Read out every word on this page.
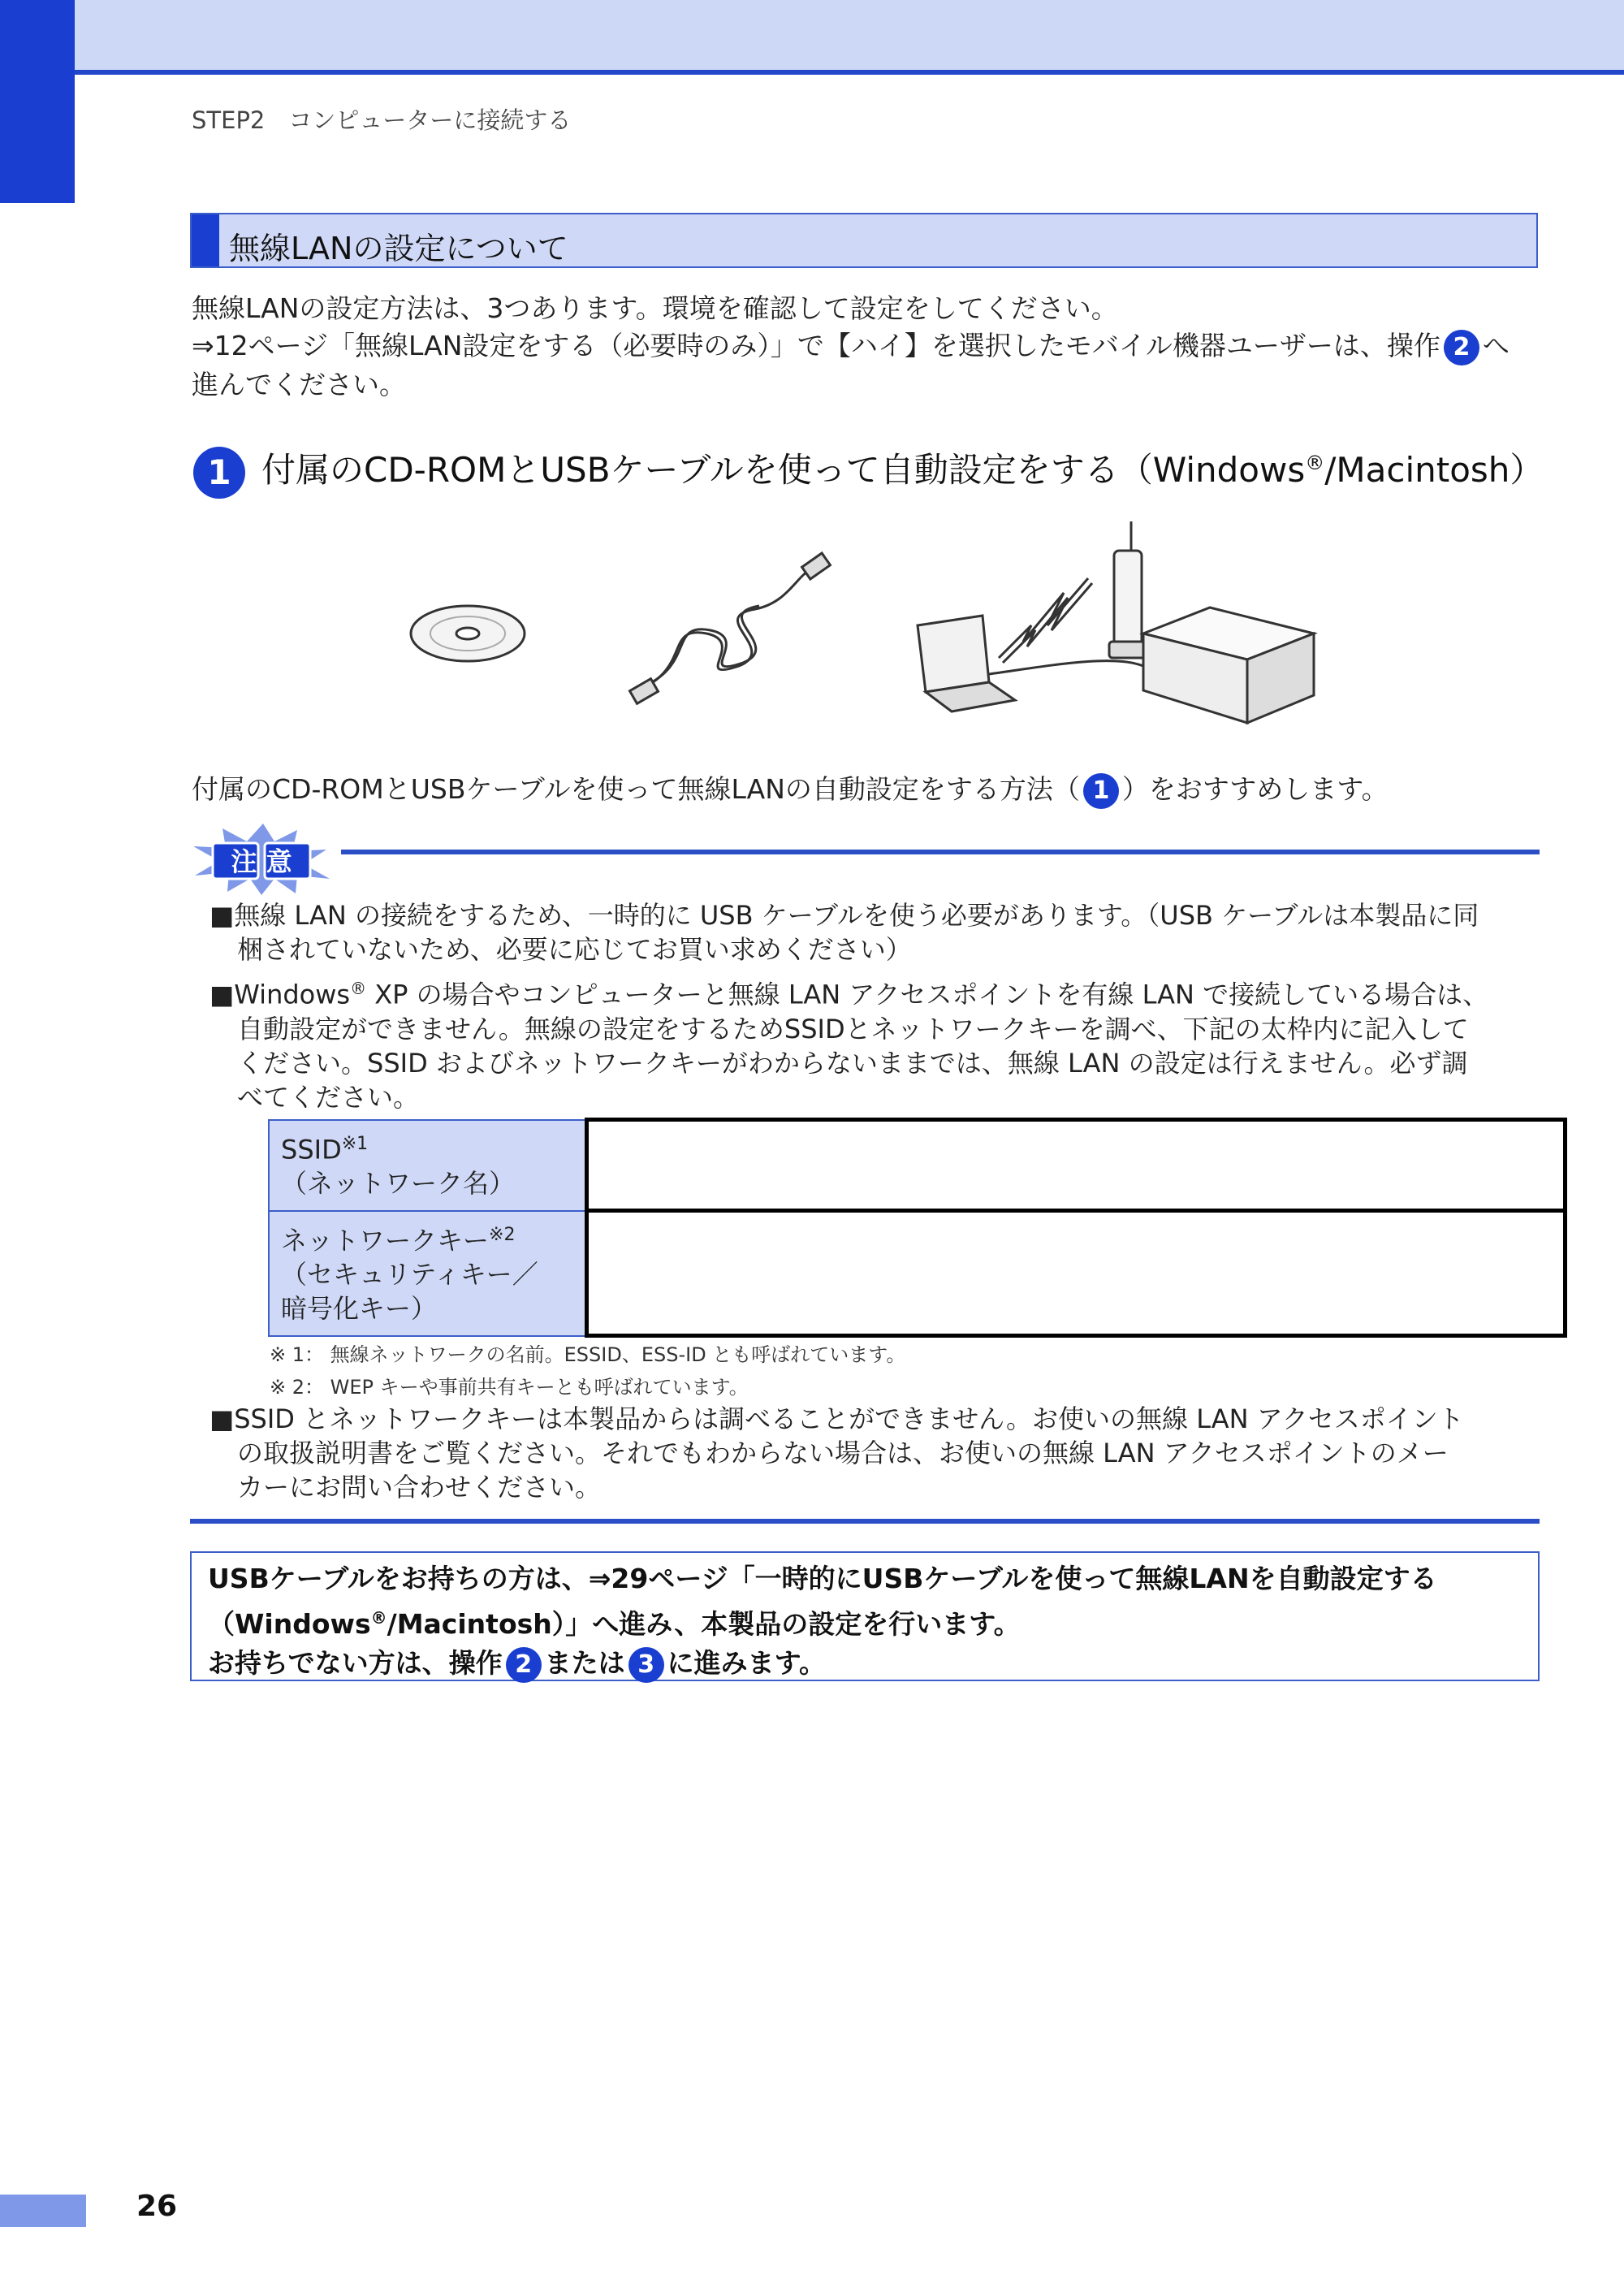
STEP2　コンピューターに接続する
無線LANの設定について
無線LANの設定方法は、3つあります。環境を確認して設定をしてください。
⇒12ページ「無線LAN設定をする（必要時のみ）」で【ハイ】を選択したモバイル機器ユーザーは、操作 2 へ
進んでください。
1 付属のCD-ROMとUSBケーブルを使って自動設定をする（Windows®/Macintosh）
付属のCD-ROMとUSBケーブルを使って無線LANの自動設定をする方法（ 1 ）をおすすめします。
注 意
■無線 LAN の接続をするため、一時的に USB ケーブルを使う必要があります。（USB ケーブルは本製品に同
梱されていないため、必要に応じてお買い求めください）
■Windows® XP の場合やコンピューターと無線 LAN アクセスポイントを有線 LAN で接続している場合は、
自動設定ができません。無線の設定をするためSSIDとネットワークキーを調べ、下記の太枠内に記入して
ください。SSID およびネットワークキーがわからないままでは、無線 LAN の設定は行えません。必ず調
べてください。
SSID$^{※1}$
（ネットワーク名）	
ネットワークキー$^{※2}$
（セキュリティキー／
暗号化キー）	
※ 1： 無線ネットワークの名前。ESSID、ESS-ID とも呼ばれています。
※ 2： WEP キーや事前共有キーとも呼ばれています。
■SSID とネットワークキーは本製品からは調べることができません。お使いの無線 LAN アクセスポイント
の取扱説明書をご覧ください。それでもわからない場合は、お使いの無線 LAN アクセスポイントのメー
カーにお問い合わせください。
USBケーブルをお持ちの方は、⇒29ページ「一時的にUSBケーブルを使って無線LANを自動設定する
（Windows®/Macintosh）」へ進み、本製品の設定を行います。
お持ちでない方は、操作 2 または 3 に進みます。
26
